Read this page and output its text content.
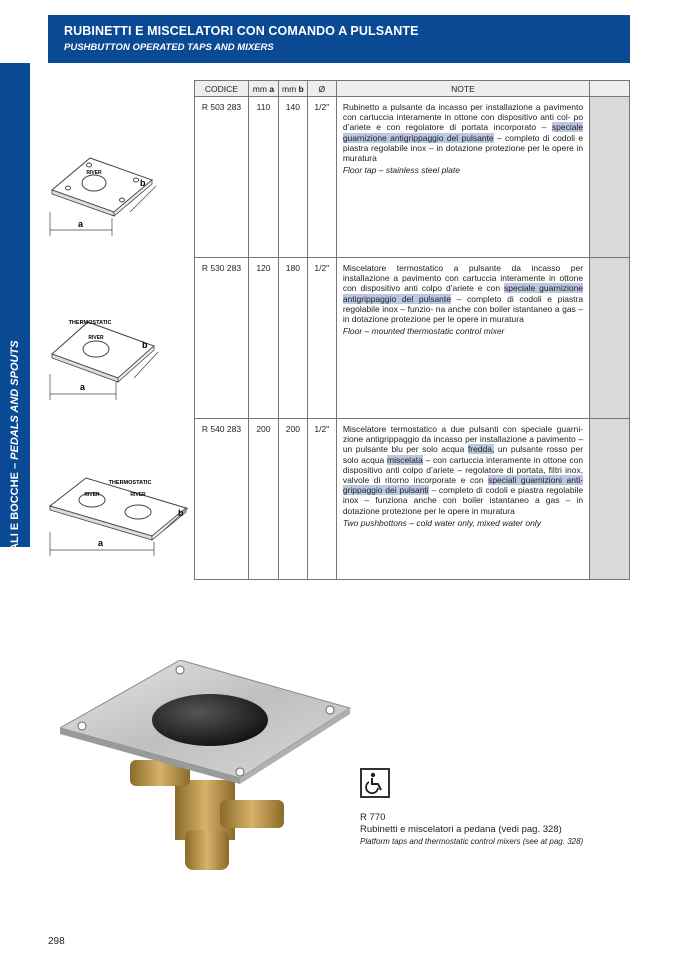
RUBINETTI E MISCELATORI CON COMANDO A PULSANTE
PUSHBUTTON OPERATED TAPS AND MIXERS
PEDALI E BOCCHE – PEDALS AND SPOUTS
CODICE	mm a	mm b	Ø	NOTE	
R 503 283	110	140	1/2"	Rubinetto a pulsante da incasso per installazione a pavimento con cartuccia interamente in ottone con dispositivo anti col- po d’ariete e con regolatore di portata incorporato – speciale guarnizione antigrippaggio del pulsante – completo di codoli e piastra regolabile inox – in dotazione protezione per le opere in muratura
Floor tap – stainless steel plate	

R 530 283	120	180	1/2"	Miscelatore termostatico a pulsante da incasso per installazione a pavimento con cartuccia interamente in ottone con dispositivo anti colpo d’ariete e con speciale guarnizione antigrippaggio del pulsante – completo di codoli e piastra regolabile inox – funzio- na anche con boiler istantaneo a gas – in dotazione protezione per le opere in muratura
Floor – mounted thermostatic control mixer	

R 540 283	200	200	1/2"	Miscelatore termostatico a due pulsanti con speciale guarni- zione antigrippaggio da incasso per installazione a pavimento – un pulsante blu per solo acqua fredda, un pulsante rosso per solo acqua miscelata – con cartuccia interamente in ottone con dispositivo anti colpo d’ariete – regolatore di portata, filtri inox, valvole di ritorno incorporate e con speciali guarnizioni anti- grippaggio dei pulsanti – completo di codoli e piastra regolabile inox – funziona anche con boiler istantaneo a gas – in dotazione protezione per le opere in muratura
Two pushbottons – cold water only, mixed water only	

RIVER
b
a
THERMOSTATIC
RIVER
b
a
THERMOSTATIC
RIVER	RIVER
b
a
R 770
Rubinetti e miscelatori a pedana (vedi pag. 328)
Platform taps and thermostatic control mixers (see at pag. 328)
298
